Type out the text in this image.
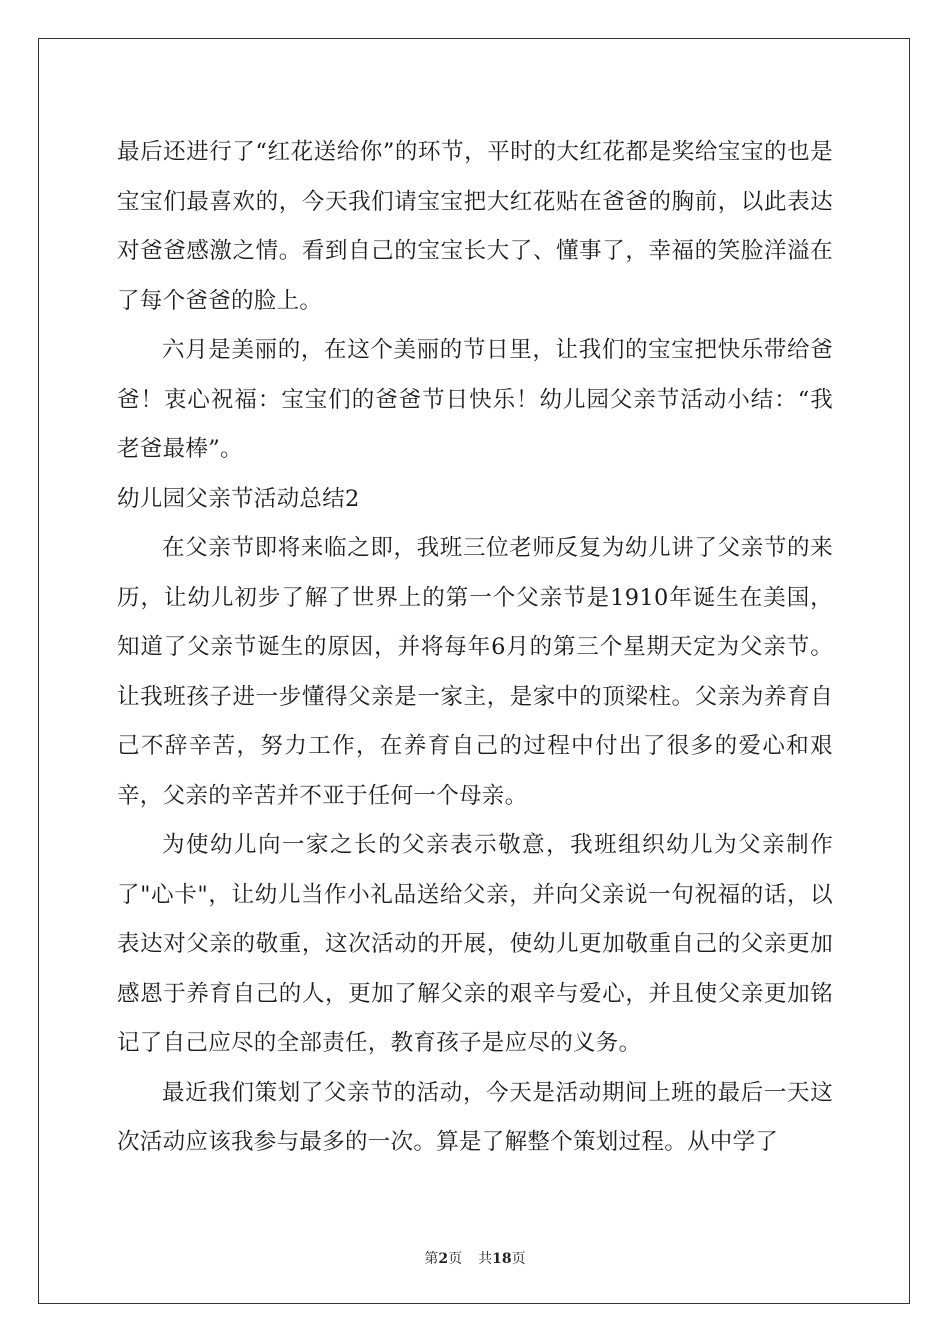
最后还进行了“红花送给你”的环节，平时的大红花都是奖给宝宝的也是宝宝们最喜欢的，今天我们请宝宝把大红花贴在爸爸的胸前，以此表达对爸爸感激之情。看到自己的宝宝长大了、懂事了，幸福的笑脸洋溢在了每个爸爸的脸上。

六月是美丽的，在这个美丽的节日里，让我们的宝宝把快乐带给爸爸！衷心祝福：宝宝们的爸爸节日快乐！幼儿园父亲节活动小结：“我老爸最棒”。

幼儿园父亲节活动总结2

在父亲节即将来临之即，我班三位老师反复为幼儿讲了父亲节的来历，让幼儿初步了解了世界上的第一个父亲节是1910年诞生在美国，知道了父亲节诞生的原因，并将每年6月的第三个星期天定为父亲节。让我班孩子进一步懂得父亲是一家主，是家中的顶梁柱。父亲为养育自己不辞辛苦，努力工作，在养育自己的过程中付出了很多的爱心和艰辛，父亲的辛苦并不亚于任何一个母亲。

为使幼儿向一家之长的父亲表示敬意，我班组织幼儿为父亲制作了"心卡"，让幼儿当作小礼品送给父亲，并向父亲说一句祝福的话，以表达对父亲的敬重，这次活动的开展，使幼儿更加敬重自己的父亲更加感恩于养育自己的人，更加了解父亲的艰辛与爱心，并且使父亲更加铭记了自己应尽的全部责任，教育孩子是应尽的义务。

最近我们策划了父亲节的活动，今天是活动期间上班的最后一天这次活动应该我参与最多的一次。算是了解整个策划过程。从中学了

第2页 共18页
